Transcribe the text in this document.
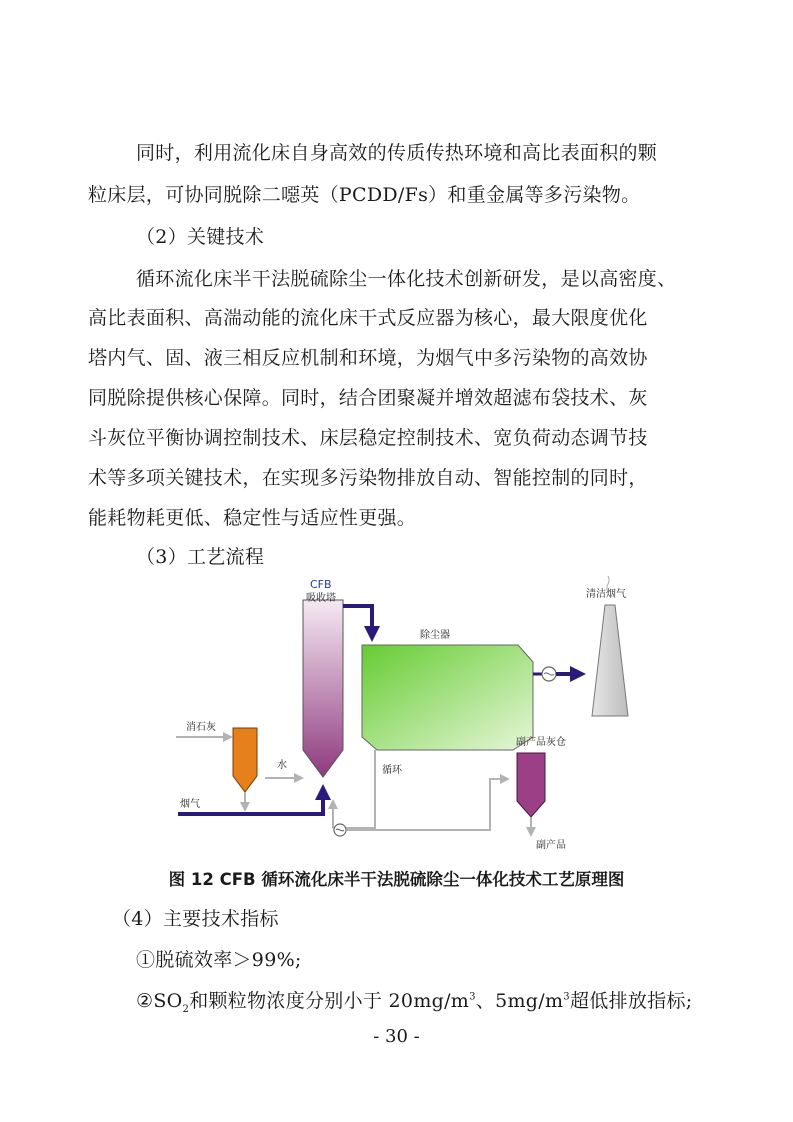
同时，利用流化床自身高效的传质传热环境和高比表面积的颗
粒床层，可协同脱除二噁英（PCDD/Fs）和重金属等多污染物。
（2）关键技术
循环流化床半干法脱硫除尘一体化技术创新研发，是以高密度、
高比表面积、高湍动能的流化床干式反应器为核心，最大限度优化
塔内气、固、液三相反应机制和环境，为烟气中多污染物的高效协
同脱除提供核心保障。同时，结合团聚凝并增效超滤布袋技术、灰
斗灰位平衡协调控制技术、床层稳定控制技术、宽负荷动态调节技
术等多项关键技术，在实现多污染物排放自动、智能控制的同时，
能耗物耗更低、稳定性与适应性更强。
（3）工艺流程
CFB
吸收塔
除尘器
清洁烟气
消石灰
水
烟气
循环
副产品灰仓
副产品
图 12 CFB 循环流化床半干法脱硫除尘一体化技术工艺原理图
（4）主要技术指标
①脱硫效率＞99%;
$②SO_2$和颗粒物浓度分别小于 $20mg/m^3$、$5mg/m^3$超低排放指标;
- 30 -
